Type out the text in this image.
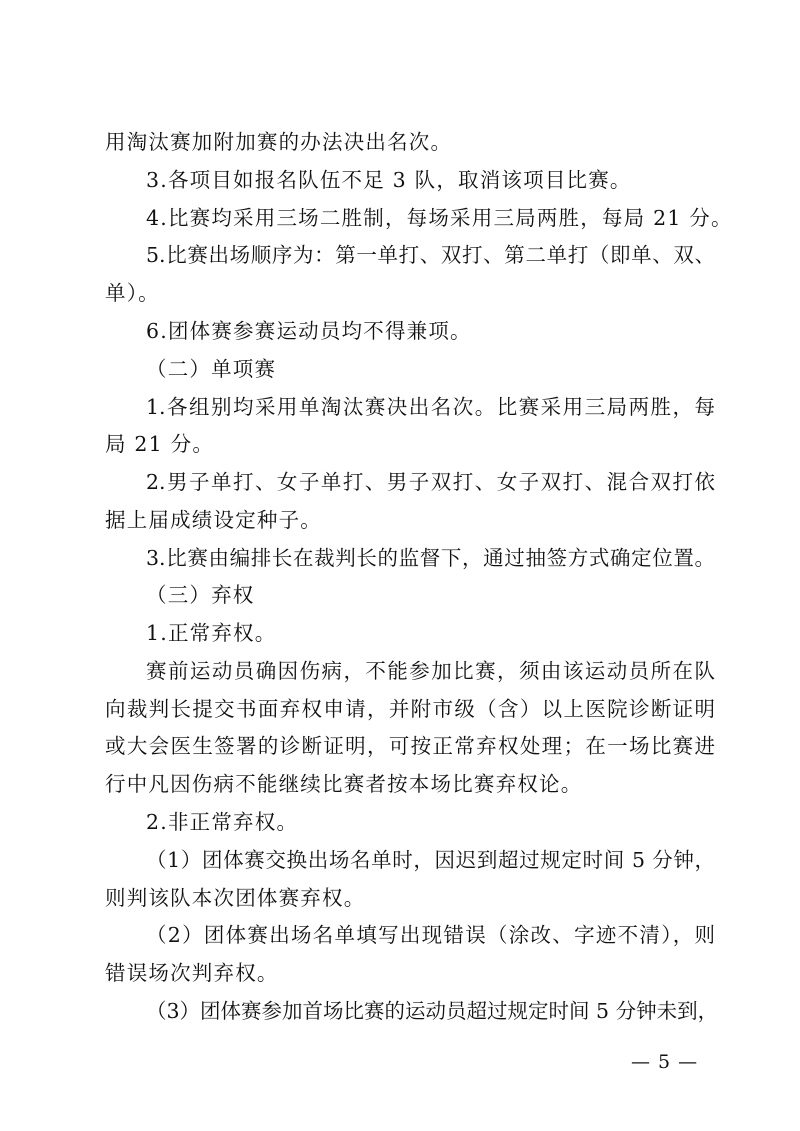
用淘汰赛加附加赛的办法决出名次。
3.各项目如报名队伍不足 3 队，取消该项目比赛。
4.比赛均采用三场二胜制，每场采用三局两胜，每局 21 分。
5.比赛出场顺序为：第一单打、双打、第二单打（即单、双、
单）。
6.团体赛参赛运动员均不得兼项。
（二）单项赛
1.各组别均采用单淘汰赛决出名次。比赛采用三局两胜，每
局 21 分。
2.男子单打、女子单打、男子双打、女子双打、混合双打依
据上届成绩设定种子。
3.比赛由编排长在裁判长的监督下，通过抽签方式确定位置。
（三）弃权
1.正常弃权。
赛前运动员确因伤病，不能参加比赛，须由该运动员所在队
向裁判长提交书面弃权申请，并附市级（含）以上医院诊断证明
或大会医生签署的诊断证明，可按正常弃权处理；在一场比赛进
行中凡因伤病不能继续比赛者按本场比赛弃权论。
2.非正常弃权。
（1）团体赛交换出场名单时，因迟到超过规定时间 5 分钟，
则判该队本次团体赛弃权。
（2）团体赛出场名单填写出现错误（涂改、字迹不清），则
错误场次判弃权。
（3）团体赛参加首场比赛的运动员超过规定时间 5 分钟未到，
— 5 —
